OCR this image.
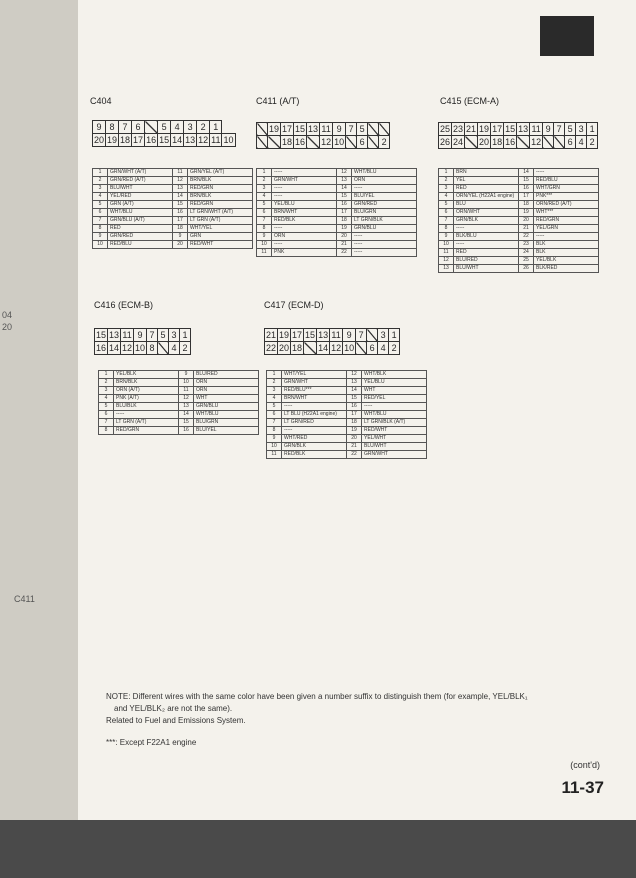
04
20
C411
C404
9	8	7	6		5	4	3	2	1	
20	19	18	17	16	15	14	13	12	11	10
1	GRN/WHT (A/T)	11	GRN/YEL (A/T)
2	GRN/RED (A/T)	12	BRN/BLK
3	BLU/WHT	13	RED/GRN
4	YEL/RED	14	BRN/BLK
5	GRN (A/T)	15	RED/GRN
6	WHT/BLU	16	LT GRN/WHT (A/T)
7	GRN/BLU (A/T)	17	LT GRN (A/T)
8	RED	18	WHT/YEL
9	GRN/RED	9	GRN
10	RED/BLU	20	RED/WHT
C411 (A/T)
	19	17	15	13	11	9	7	5		
		18	16		12	10		6		2
1	-----	12	WHT/BLU
2	GRN/WHT	13	ORN
3	-----	14	-----
4	-----	15	BLU/YEL
5	YEL/BLU	16	GRN/RED
6	BRN/WHT	17	BLU/GRN
7	RED/BLK	18	LT GRN/BLK
8	-----	19	GRN/BLU
9	ORN	20	-----
10	-----	21	-----
11	PNK	22	-----
C415 (ECM-A)
25	23	21	19	17	15	13	11	9	7	5	3	1
26	24		20	18	16		12			6	4	2
1	BRN	14	-----
2	YEL	15	RED/BLU
3	RED	16	WHT/GRN
4	ORN/YEL (H22A1 engine)	17	PNK***
5	BLU	18	ORN/RED (A/T)
6	ORN/WHT	19	WHT***
7	GRN/BLK	20	RED/GRN
8	-----	21	YEL/GRN
9	BLK/BLU	22	-----
10	-----	23	BLK
11	RED	24	BLK
12	BLU/RED	25	YEL/BLK
13	BLU/WHT	26	BLK/RED
C416 (ECM-B)
15	13	11	9	7	5	3	1
16	14	12	10	8		4	2
1	YEL/BLK	9	BLU/RED
2	BRN/BLK	10	ORN
3	ORN (A/T)	11	ORN
4	PNK (A/T)	12	WHT
5	BLU/BLK	13	GRN/BLU
6	-----	14	WHT/BLU
7	LT GRN (A/T)	15	BLU/GRN
8	RED/GRN	16	BLU/YEL
C417 (ECM-D)
21	19	17	15	13	11	9	7		3	1
22	20	18		14	12	10		6	4	2
1	WHT/YEL	12	WHT/BLK
2	GRN/WHT	13	YEL/BLU
3	RED/BLU***	14	WHT
4	BRN/WHT	15	RED/YEL
5	-----	16	-----
6	LT BLU (H22A1 engine)	17	WHT/BLU
7	LT GRN/RED	18	LT GRN/BLK (A/T)
8	-----	19	RED/WHT
9	WHT/RED	20	YEL/WHT
10	GRN/BLK	21	BLU/WHT
11	RED/BLK	22	GRN/WHT
NOTE: Different wires with the same color have been given a number suffix to distinguish them (for example, YEL/BLK₁
and YEL/BLK₂ are not the same).
Related to Fuel and Emissions System.
***: Except F22A1 engine
(cont'd)
11-37
